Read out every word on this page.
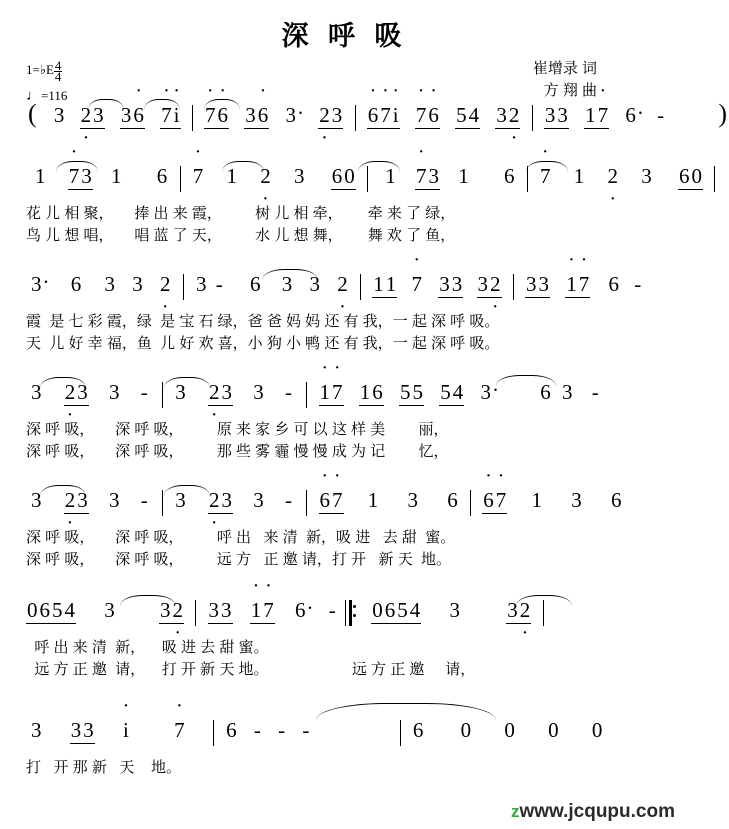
深 呼 吸
1=♭E $\frac{4}{4}$
♩=116
崔增录 词
方 翔 曲
( 3 2 ·3 3· 6 · 7· i · 7· 6 3· 6 3 · 2 ·3 · 6· 7· i · 7· 6 54 32 · 33 · 1· 7 6 · - )
1 · 73 1 6 · 7 1 2 · 3 60 1 · 73 1 6 · 7 1 2 · 3 60
花 儿 相 聚，     捧 出 来 霞，        树 儿 相 牵，      牵 来 了 绿，
鸟 儿 想 唱，     唱 蓝 了 天，        水 儿 想 舞，      舞 欢 了 鱼，
3 · 6 3 3 2 · 3 - 6 3 3 2 · 11 · 7 33 32 · 33 · 1· 7 6 -
霞  是 七 彩 霞，绿  是 宝 石 绿，爸 爸 妈 妈 还 有 我，一 起 深 呼 吸。
天  儿 好 幸 福，鱼  儿 好 欢 喜，小 狗 小 鸭 还 有 我，一 起 深 呼 吸。
3 2 ·3 3 - 3 2 ·3 3 - · 1· 7 16 55 54 3 · 6 3 -
深 呼 吸，     深 呼 吸，        原 来 家 乡 可 以 这 样 美        丽，
深 呼 吸，     深 呼 吸，        那 些 雾 霾 慢 慢 成 为 记        忆，
3 2 ·3 3 - 3 2 ·3 3 - · 6· 7 1 3 6 · 6· 7 1 3 6
深 呼 吸，     深 呼 吸，        呼 出   来 清  新，吸 进   去 甜  蜜。
深 呼 吸，     深 呼 吸，        远 方   正 邀 请，打 开   新 天  地。
0654 3 32 · 33 · 1· 7 6 · - 0654 3 32 ·
呼 出 来 清  新，    吸 进 去 甜 蜜。
远 方 正 邀  请，    打 开 新 天 地。                    远 方 正 邀     请，
3 33 · i · 7 6 - - -	6 0 0 0 0
打   开 那 新   天    地。
zwww.jcqupu.com
